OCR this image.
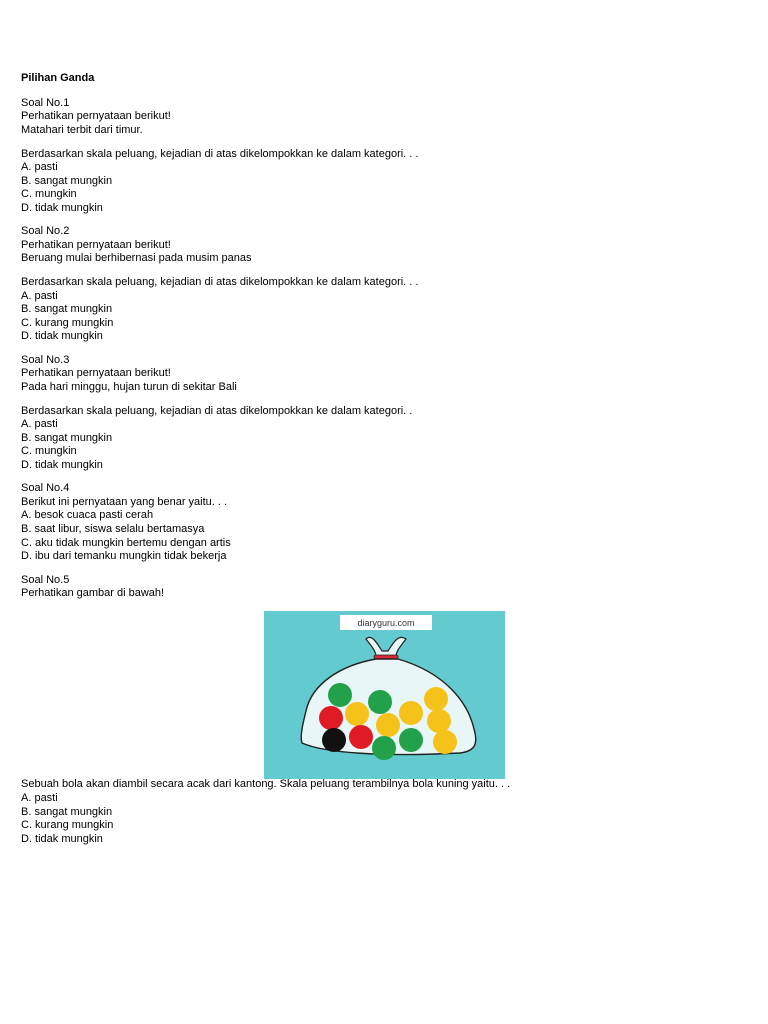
Pilihan Ganda
Soal No.1
Perhatikan pernyataan berikut!
Matahari terbit dari timur.
Berdasarkan skala peluang, kejadian di atas dikelompokkan ke dalam kategori. . .
A. pasti
B. sangat mungkin
C. mungkin
D. tidak mungkin
Soal No.2
Perhatikan pernyataan berikut!
Beruang mulai berhibernasi pada musim panas
Berdasarkan skala peluang, kejadian di atas dikelompokkan ke dalam kategori. . .
A. pasti
B. sangat mungkin
C. kurang mungkin
D. tidak mungkin
Soal No.3
Perhatikan pernyataan berikut!
Pada hari minggu, hujan turun di sekitar Bali
Berdasarkan skala peluang, kejadian di atas dikelompokkan ke dalam kategori. .
A. pasti
B. sangat mungkin
C. mungkin
D. tidak mungkin
Soal No.4
Berikut ini pernyataan yang benar yaitu. . .
A. besok cuaca pasti cerah
B. saat libur, siswa selalu bertamasya
C. aku tidak mungkin bertemu dengan artis
D. ibu dari temanku mungkin tidak bekerja
Soal No.5
Perhatikan gambar di bawah!
diaryguru.com
Sebuah bola akan diambil secara acak dari kantong. Skala peluang terambilnya bola kuning yaitu. . .
A. pasti
B. sangat mungkin
C. kurang mungkin
D. tidak mungkin
